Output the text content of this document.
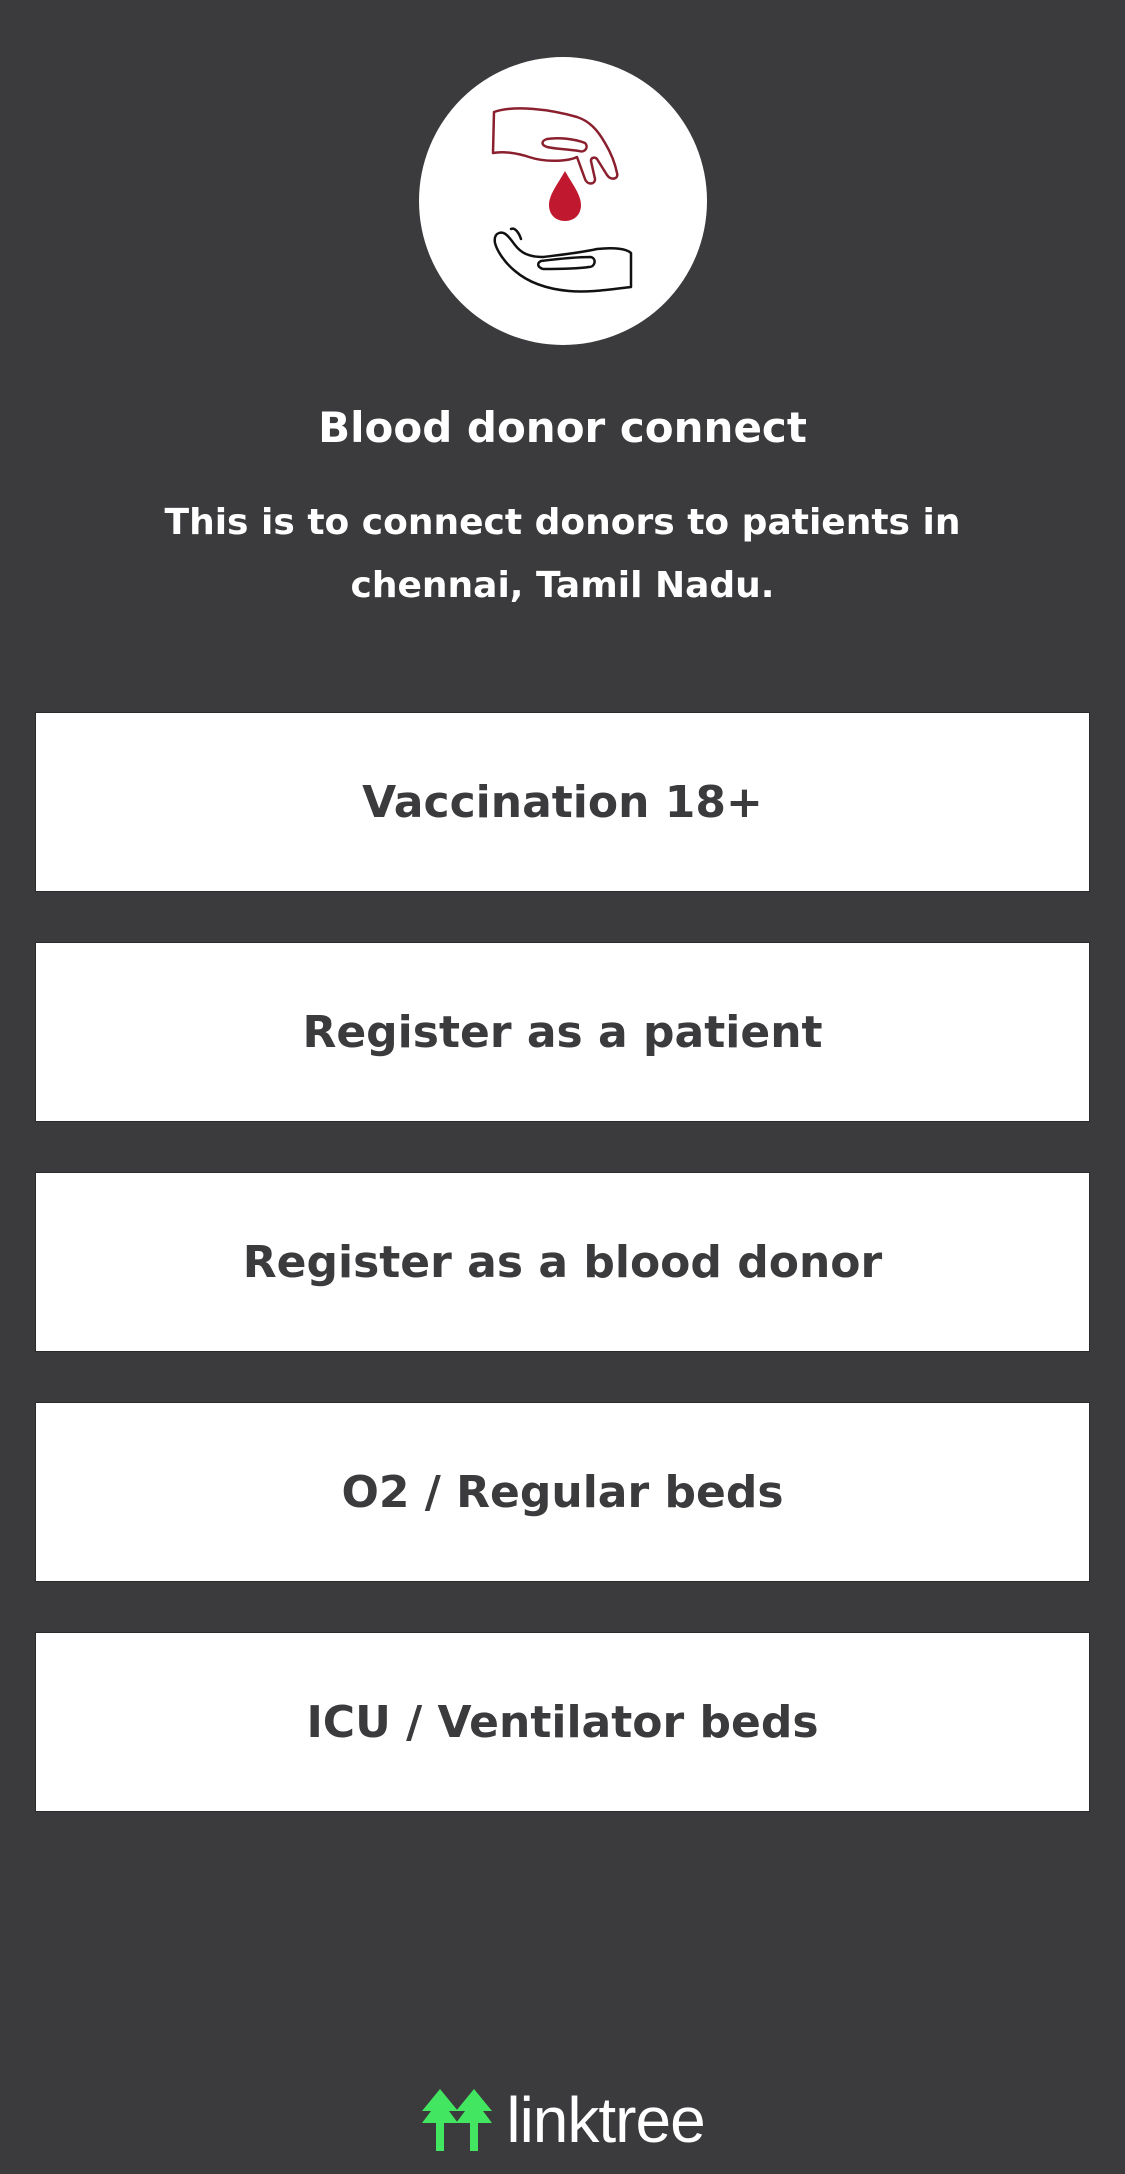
Blood donor connect

This is to connect donors to patients in chennai, Tamil Nadu.

Vaccination 18+
Register as a patient
Register as a blood donor
O2 / Regular beds
ICU / Ventilator beds
linktree
